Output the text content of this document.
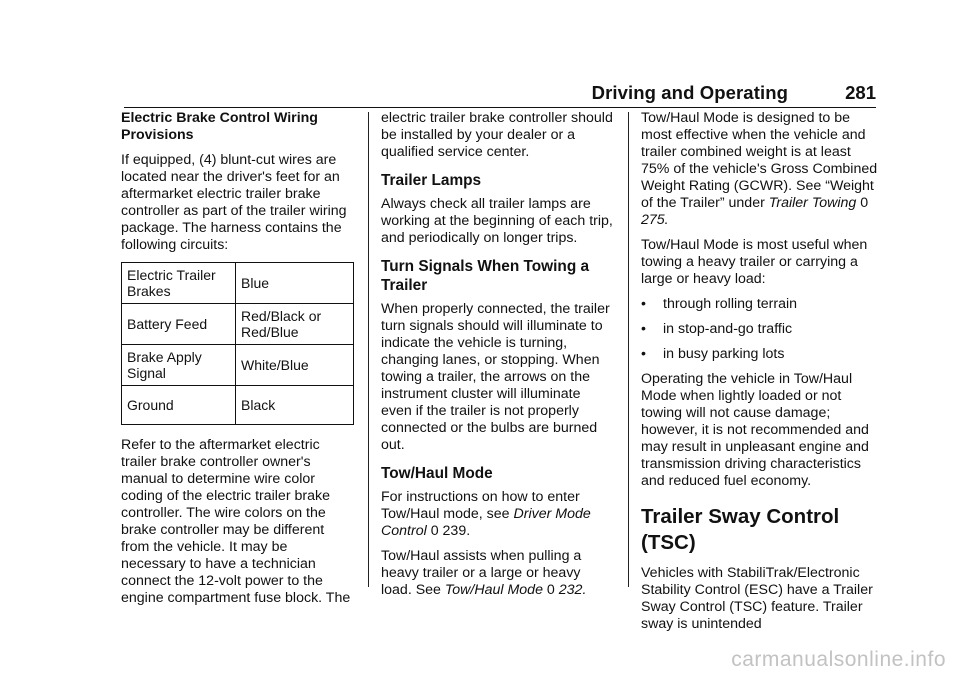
Driving and Operating	281

Electric Brake Control Wiring Provisions

If equipped, (4) blunt-cut wires are located near the driver's feet for an aftermarket electric trailer brake controller as part of the trailer wiring package. The harness contains the following circuits:

Electric Trailer Brakes	Blue
Battery Feed	Red/Black or Red/Blue
Brake Apply Signal	White/Blue
Ground	Black

Refer to the aftermarket electric trailer brake controller owner's manual to determine wire color coding of the electric trailer brake controller. The wire colors on the brake controller may be different from the vehicle. It may be necessary to have a technician connect the 12-volt power to the engine compartment fuse block. The

electric trailer brake controller should be installed by your dealer or a qualified service center.

Trailer Lamps

Always check all trailer lamps are working at the beginning of each trip, and periodically on longer trips.

Turn Signals When Towing a Trailer

When properly connected, the trailer turn signals should will illuminate to indicate the vehicle is turning, changing lanes, or stopping. When towing a trailer, the arrows on the instrument cluster will illuminate even if the trailer is not properly connected or the bulbs are burned out.

Tow/Haul Mode

For instructions on how to enter Tow/Haul mode, see Driver Mode Control 0 239.

Tow/Haul assists when pulling a heavy trailer or a large or heavy load. See Tow/Haul Mode 0 232.

Tow/Haul Mode is designed to be most effective when the vehicle and trailer combined weight is at least 75% of the vehicle's Gross Combined Weight Rating (GCWR). See “Weight of the Trailer” under Trailer Towing 0 275.

Tow/Haul Mode is most useful when towing a heavy trailer or carrying a large or heavy load:

•	through rolling terrain
•	in stop-and-go traffic
•	in busy parking lots

Operating the vehicle in Tow/Haul Mode when lightly loaded or not towing will not cause damage; however, it is not recommended and may result in unpleasant engine and transmission driving characteristics and reduced fuel economy.

Trailer Sway Control (TSC)

Vehicles with StabiliTrak/Electronic Stability Control (ESC) have a Trailer Sway Control (TSC) feature. Trailer sway is unintended

carmanualsonline.info
